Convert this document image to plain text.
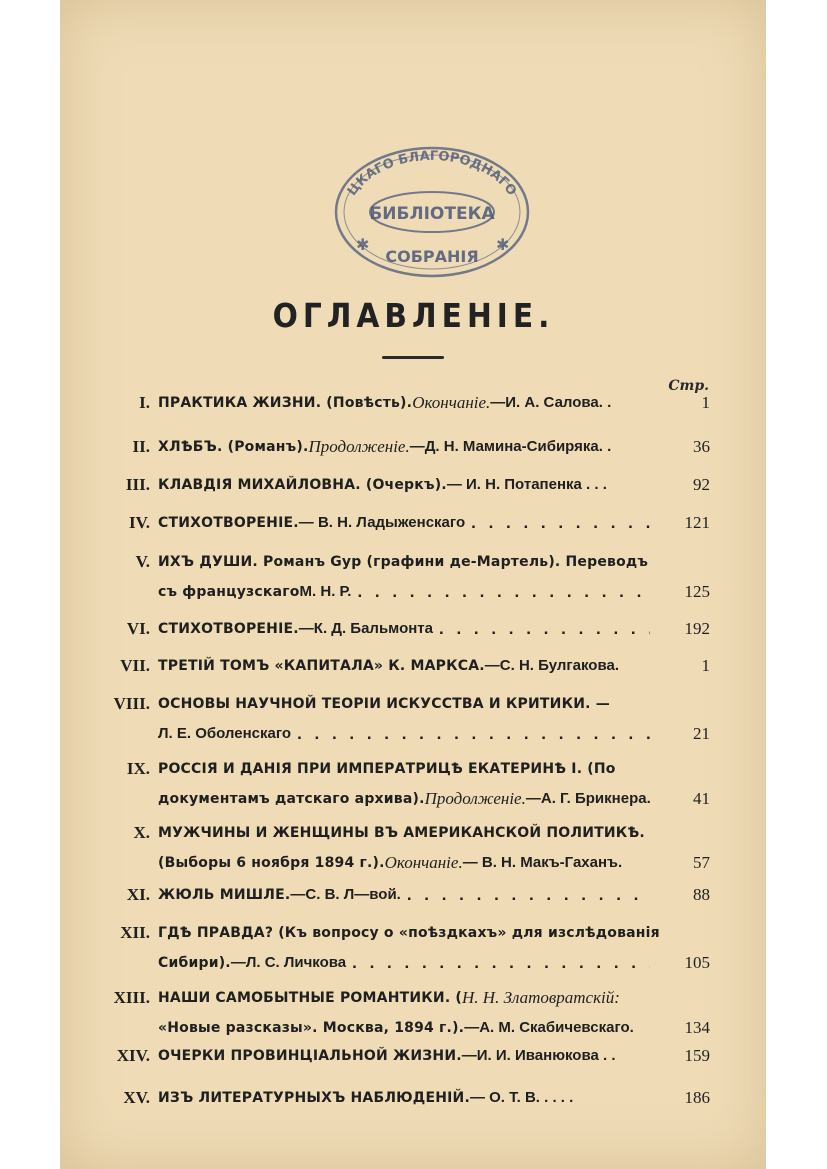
ЦКАГО БЛАГОРОДНАГО
БИБЛІОТЕКА
СОБРАНІЯ
✱	✱
ОГЛАВЛЕНІЕ.
Стр.
I. ПРАКТИКА ЖИЗНИ. (Повѣсть). Окончаніе. —И. А. Салова. .	1
II. ХЛѢБЪ. (Романъ). Продолженіе. —Д. Н. Мамина-Сибиряка. .	36
III. КЛАВДІЯ МИХАЙЛОВНА. (Очеркъ). — И. Н. Потапенка . . .	92
IV. СТИХОТВОРЕНІЕ. — В. Н. Ладыженскаго . . .	121
V. ИХЪ ДУШИ. Романъ Gyp (графини де-Мартель). Переводъ
съ французскаго М. Н. Р. . . .	125
VI. СТИХОТВОРЕНІЕ. —К. Д. Бальмонта . . .	192
VII. ТРЕТІЙ ТОМЪ «КАПИТАЛА» К. МАРКСА. —С. Н. Булгакова.	1
VIII. ОСНОВЫ НАУЧНОЙ ТЕОРІИ ИСКУССТВА И КРИТИКИ. —
Л. Е. Оболенскаго . . .	21
IX. РОССІЯ И ДАНІЯ ПРИ ИМПЕРАТРИЦѢ ЕКАТЕРИНѢ I. (По
документамъ датскаго архива). Продолженіе. —А. Г. Брикнера.	41
X. МУЖЧИНЫ И ЖЕНЩИНЫ ВЪ АМЕРИКАНСКОЙ ПОЛИТИКѢ.
(Выборы 6 ноября 1894 г.). Окончаніе. — В. Н. Макъ-Гаханъ.	57
XI. ЖЮЛЬ МИШЛЕ. —С. В. Л—вой. . . .	88
XII. ГДѢ ПРАВДА? (Къ вопросу о «поѣздкахъ» для изслѣдованія
Сибири). —Л. С. Личкова . . .	105
XIII. НАШИ САМОБЫТНЫЕ РОМАНТИКИ. ( Н. Н. Златовратскій:
«Новые разсказы». Москва, 1894 г.). —А. М. Скабичевскаго.	134
XIV. ОЧЕРКИ ПРОВИНЦІАЛЬНОЙ ЖИЗНИ. —И. И. Иванюкова . .	159
XV. ИЗЪ ЛИТЕРАТУРНЫХЪ НАБЛЮДЕНІЙ. — О. Т. В. . . . .	186
